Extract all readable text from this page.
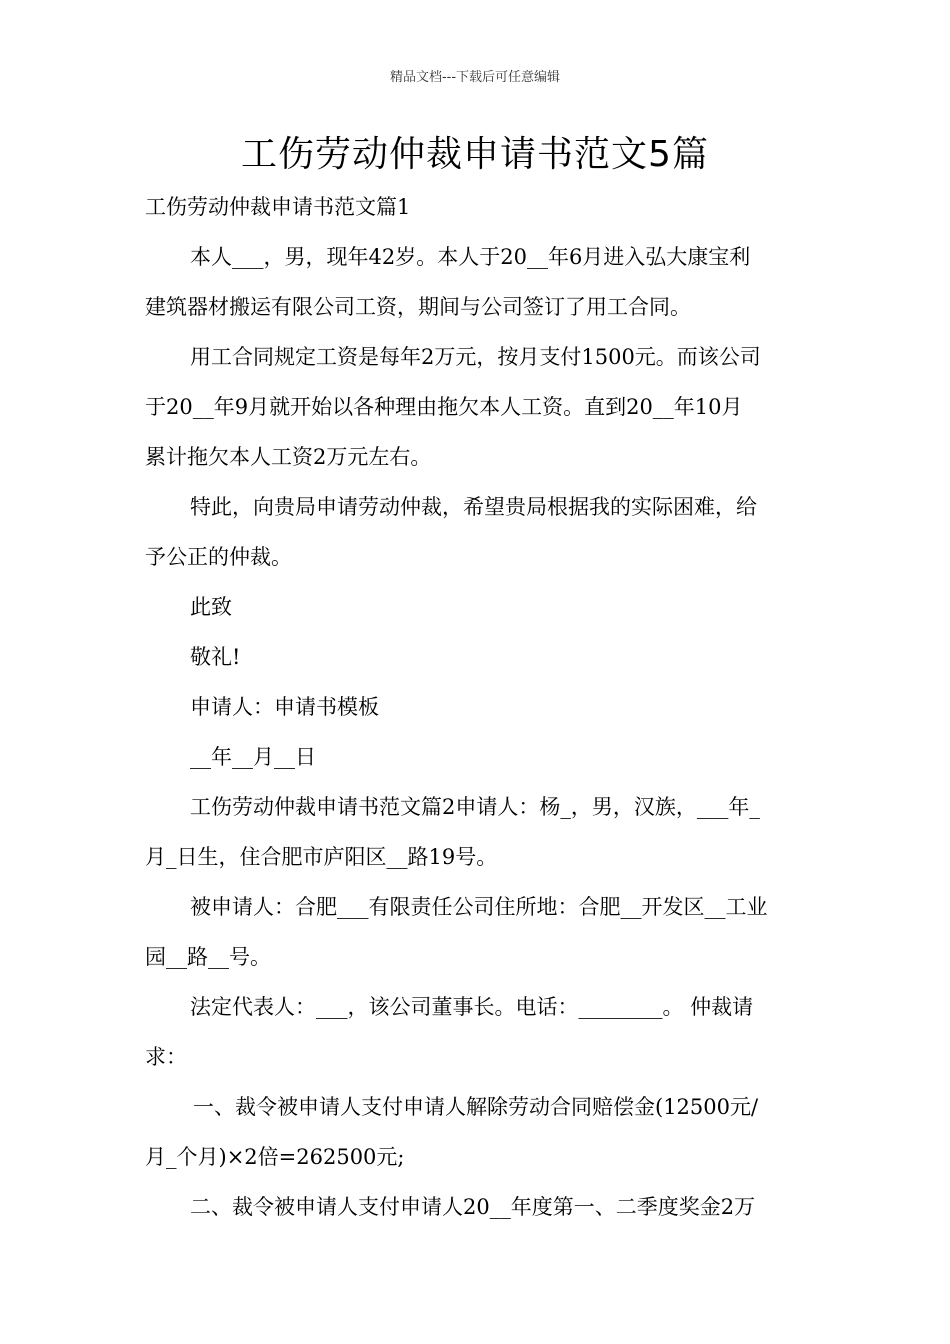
精品文档---下载后可任意编辑
工伤劳动仲裁申请书范文5篇

工伤劳动仲裁申请书范文篇1

本人___，男，现年42岁。本人于20__年6月进入弘大康宝利

建筑器材搬运有限公司工资，期间与公司签订了用工合同。

用工合同规定工资是每年2万元，按月支付1500元。而该公司

于20__年9月就开始以各种理由拖欠本人工资。直到20__年10月

累计拖欠本人工资2万元左右。

特此，向贵局申请劳动仲裁，希望贵局根据我的实际困难，给

予公正的仲裁。

此致

敬礼!

申请人：申请书模板

__年__月__日

工伤劳动仲裁申请书范文篇2申请人：杨_，男，汉族，___年_

月_日生，住合肥市庐阳区__路19号。

被申请人：合肥___有限责任公司住所地：合肥__开发区__工业

园__路__号。

法定代表人：___，该公司董事长。电话：________。 仲裁请

求：

一、裁令被申请人支付申请人解除劳动合同赔偿金(12500元/

月_个月)×2倍=262500元;

二、裁令被申请人支付申请人20__年度第一、二季度奖金2万
